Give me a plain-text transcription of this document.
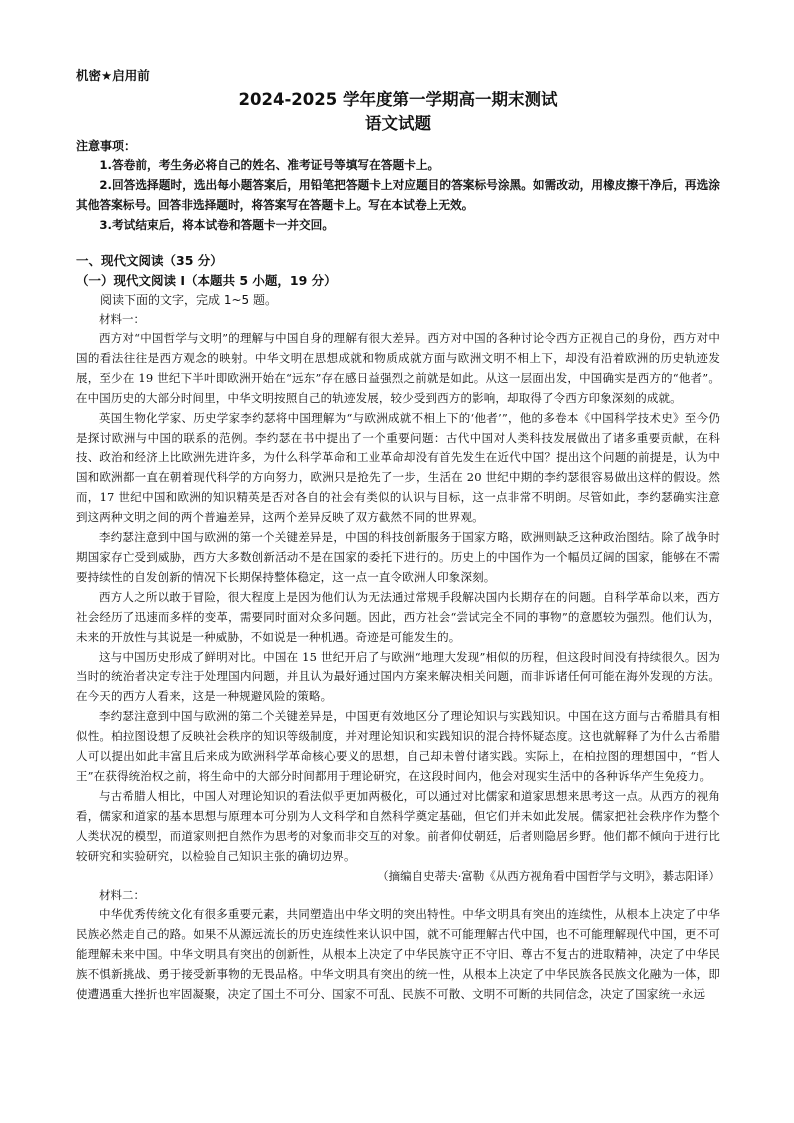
机密★启用前
2024-2025 学年度第一学期高一期末测试
语文试题
注意事项：
1.答卷前，考生务必将自己的姓名、准考证号等填写在答题卡上。
2.回答选择题时，选出每小题答案后，用铅笔把答题卡上对应题目的答案标号涂黑。如需改动，用橡皮擦干净后，再选涂其他答案标号。回答非选择题时，将答案写在答题卡上。写在本试卷上无效。
3.考试结束后，将本试卷和答题卡一并交回。
一、现代文阅读（35 分）
（一）现代文阅读 I（本题共 5 小题，19 分）
阅读下面的文字，完成 1~5 题。
材料一：
西方对“中国哲学与文明”的理解与中国自身的理解有很大差异。西方对中国的各种讨论令西方正视自己的身份，西方对中国的看法往往是西方观念的映射。中华文明在思想成就和物质成就方面与欧洲文明不相上下，却没有沿着欧洲的历史轨迹发展，至少在 19 世纪下半叶即欧洲开始在“远东”存在感日益强烈之前就是如此。从这一层面出发，中国确实是西方的“他者”。在中国历史的大部分时间里，中华文明按照自己的轨迹发展，较少受到西方的影响，却取得了令西方印象深刻的成就。
英国生物化学家、历史学家李约瑟将中国理解为“与欧洲成就不相上下的‘他者’”，他的多卷本《中国科学技术史》至今仍是探讨欧洲与中国的联系的范例。李约瑟在书中提出了一个重要问题：古代中国对人类科技发展做出了诸多重要贡献，在科技、政治和经济上比欧洲先进许多，为什么科学革命和工业革命却没有首先发生在近代中国？提出这个问题的前提是，认为中国和欧洲都一直在朝着现代科学的方向努力，欧洲只是抢先了一步，生活在 20 世纪中期的李约瑟很容易做出这样的假设。然而，17 世纪中国和欧洲的知识精英是否对各自的社会有类似的认识与目标，这一点非常不明朗。尽管如此，李约瑟确实注意到这两种文明之间的两个普遍差异，这两个差异反映了双方截然不同的世界观。
李约瑟注意到中国与欧洲的第一个关键差异是，中国的科技创新服务于国家方略，欧洲则缺乏这种政治图结。除了战争时期国家存亡受到威胁，西方大多数创新活动不是在国家的委托下进行的。历史上的中国作为一个幅员辽阔的国家，能够在不需要持续性的自发创新的情况下长期保持整体稳定，这一点一直令欧洲人印象深刻。
西方人之所以敢于冒险，很大程度上是因为他们认为无法通过常规手段解决国内长期存在的问题。自科学革命以来，西方社会经历了迅速而多样的变革，需要同时面对众多问题。因此，西方社会“尝试完全不同的事物”的意愿较为强烈。他们认为，未来的开放性与其说是一种威胁，不如说是一种机遇。奇迹是可能发生的。
这与中国历史形成了鲜明对比。中国在 15 世纪开启了与欧洲“地理大发现”相似的历程，但这段时间没有持续很久。因为当时的统治者决定专注于处理国内问题，并且认为最好通过国内方案来解决相关问题，而非诉诸任何可能在海外发现的方法。在今天的西方人看来，这是一种规避风险的策略。
李约瑟注意到中国与欧洲的第二个关键差异是，中国更有效地区分了理论知识与实践知识。中国在这方面与古希腊具有相似性。柏拉图设想了反映社会秩序的知识等级制度，并对理论知识和实践知识的混合持怀疑态度。这也就解释了为什么古希腊人可以提出如此丰富且后来成为欧洲科学革命核心要义的思想，自己却未曾付诸实践。实际上，在柏拉图的理想国中，“哲人王”在获得统治权之前，将生命中的大部分时间都用于理论研究，在这段时间内，他会对现实生活中的各种诉华产生免疫力。
与古希腊人相比，中国人对理论知识的看法似乎更加两极化，可以通过对比儒家和道家思想来思考这一点。从西方的视角看，儒家和道家的基本思想与原理本可分别为人文科学和自然科学奠定基础，但它们并未如此发展。儒家把社会秩序作为整个人类状况的模型，而道家则把自然作为思考的对象而非交互的对象。前者仰仗朝廷，后者则隐居乡野。他们都不倾向于进行比较研究和实验研究，以检验自己知识主张的确切边界。
（摘编自史蒂夫·富勒《从西方视角看中国哲学与文明》，綦志阳译）
材料二：
中华优秀传统文化有很多重要元素，共同塑造出中华文明的突出特性。中华文明具有突出的连续性，从根本上决定了中华民族必然走自己的路。如果不从源远流长的历史连续性来认识中国，就不可能理解古代中国，也不可能理解现代中国，更不可能理解未来中国。中华文明具有突出的创新性，从根本上决定了中华民族守正不守旧、尊古不复古的进取精神，决定了中华民族不惧新挑战、勇于接受新事物的无畏品格。中华文明具有突出的统一性，从根本上决定了中华民族各民族文化融为一体，即使遭遇重大挫折也牢固凝聚，决定了国土不可分、国家不可乱、民族不可散、文明不可断的共同信念，决定了国家统一永远
